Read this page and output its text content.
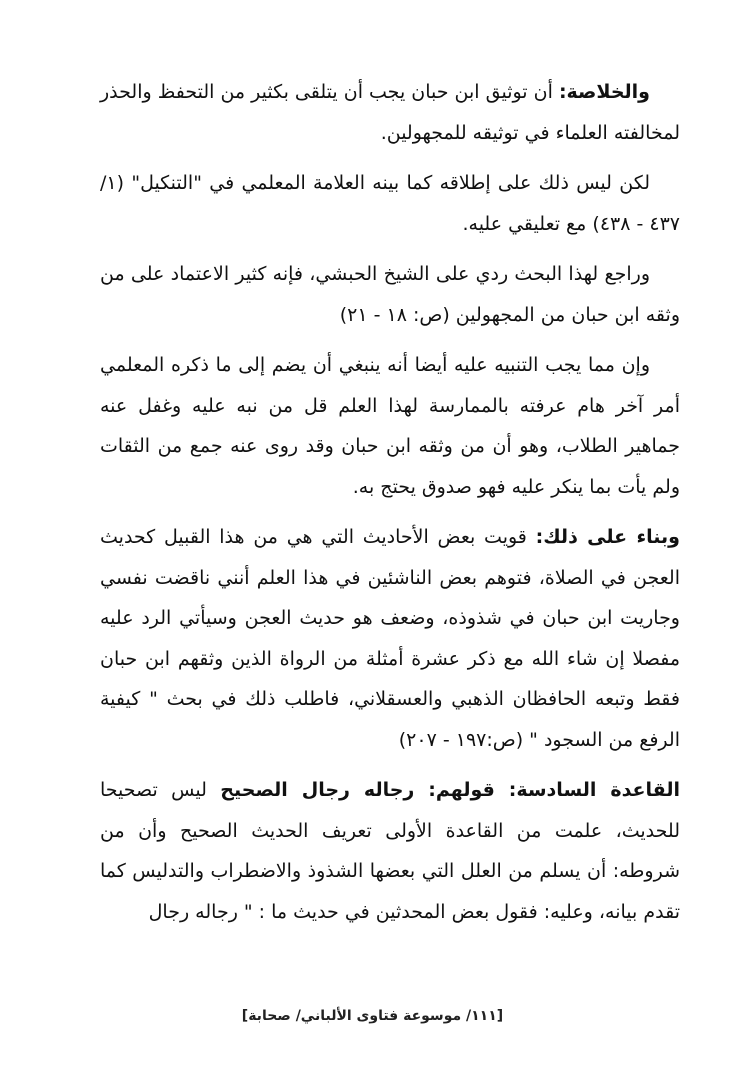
والخلاصة: أن توثيق ابن حبان يجب أن يتلقى بكثير من التحفظ والحذر لمخالفته العلماء في توثيقه للمجهولين.

لكن ليس ذلك على إطلاقه كما بينه العلامة المعلمي في "التنكيل" (١/ ٤٣٧ - ٤٣٨) مع تعليقي عليه.

وراجع لهذا البحث ردي على الشيخ الحبشي، فإنه كثير الاعتماد على من وثقه ابن حبان من المجهولين (ص: ١٨ - ٢١)

وإن مما يجب التنبيه عليه أيضا أنه ينبغي أن يضم إلى ما ذكره المعلمي أمر آخر هام عرفته بالممارسة لهذا العلم قل من نبه عليه وغفل عنه جماهير الطلاب، وهو أن من وثقه ابن حبان وقد روى عنه جمع من الثقات ولم يأت بما ينكر عليه فهو صدوق يحتج به.

وبناء على ذلك: قويت بعض الأحاديث التي هي من هذا القبيل كحديث العجن في الصلاة، فتوهم بعض الناشئين في هذا العلم أنني ناقضت نفسي وجاريت ابن حبان في شذوذه، وضعف هو حديث العجن وسيأتي الرد عليه مفصلا إن شاء الله مع ذكر عشرة أمثلة من الرواة الذين وثقهم ابن حبان فقط وتبعه الحافظان الذهبي والعسقلاني، فاطلب ذلك في بحث " كيفية الرفع من السجود " (ص:١٩٧ - ٢٠٧)

القاعدة السادسة: قولهم: رجاله رجال الصحيح ليس تصحيحا للحديث، علمت من القاعدة الأولى تعريف الحديث الصحيح وأن من شروطه: أن يسلم من العلل التي بعضها الشذوذ والاضطراب والتدليس كما تقدم بيانه، وعليه: فقول بعض المحدثين في حديث ما : " رجاله رجال

[١١١/ موسوعة فتاوى الألباني/ صحابة]
